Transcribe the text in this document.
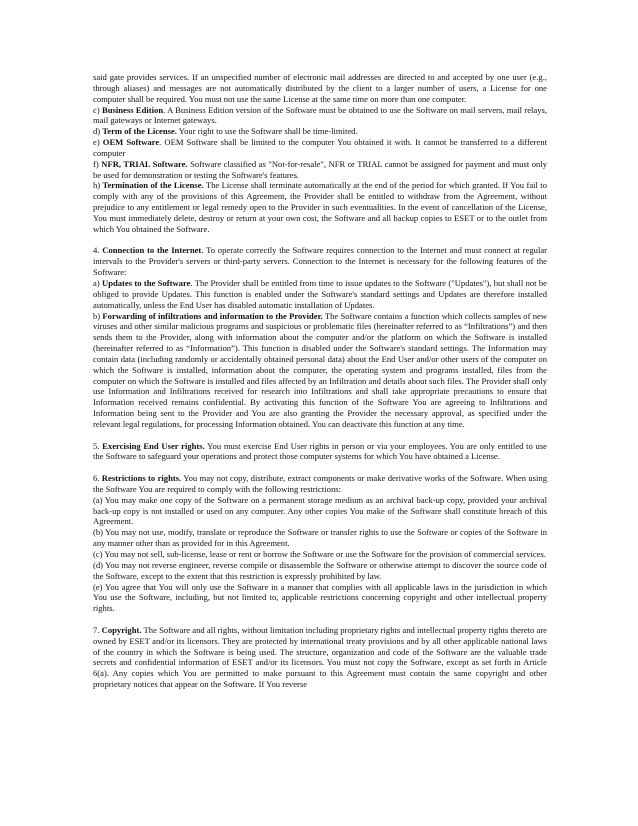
said gate provides services. If an unspecified number of electronic mail addresses are directed to and accepted by one user (e.g., through aliases) and messages are not automatically distributed by the client to a larger number of users, a License for one computer shall be required. You must not use the same License at the same time on more than one computer.

c) Business Edition. A Business Edition version of the Software must be obtained to use the Software on mail servers, mail relays, mail gateways or Internet gateways.

d) Term of the License. Your right to use the Software shall be time-limited.

e) OEM Software. OEM Software shall be limited to the computer You obtained it with. It cannot be transferred to a different computer

f) NFR, TRIAL Software. Software classified as "Not-for-resale", NFR or TRIAL cannot be assigned for payment and must only be used for demonstration or testing the Software's features.

h) Termination of the License. The License shall terminate automatically at the end of the period for which granted. If You fail to comply with any of the provisions of this Agreement, the Provider shall be entitled to withdraw from the Agreement, without prejudice to any entitlement or legal remedy open to the Provider in such eventualities. In the event of cancellation of the License, You must immediately delete, destroy or return at your own cost, the Software and all backup copies to ESET or to the outlet from which You obtained the Software.

4. Connection to the Internet. To operate correctly the Software requires connection to the Internet and must connect at regular intervals to the Provider's servers or third-party servers. Connection to the Internet is necessary for the following features of the Software:

a) Updates to the Software. The Provider shall be entitled from time to issue updates to the Software ("Updates"), but shall not be obliged to provide Updates. This function is enabled under the Software's standard settings and Updates are therefore installed automatically, unless the End User has disabled automatic installation of Updates.

b) Forwarding of infiltrations and information to the Provider. The Software contains a function which collects samples of new viruses and other similar malicious programs and suspicious or problematic files (hereinafter referred to as “Infiltrations”) and then sends them to the Provider, along with information about the computer and/or the platform on which the Software is installed (hereinafter referred to as “Information”). This function is disabled under the Software's standard settings. The Information may contain data (including randomly or accidentally obtained personal data) about the End User and/or other users of the computer on which the Software is installed, information about the computer, the operating system and programs installed, files from the computer on which the Software is installed and files affected by an Infiltration and details about such files. The Provider shall only use Information and Infiltrations received for research into Infiltrations and shall take appropriate precautions to ensure that Information received remains confidential. By activating this function of the Software You are agreeing to Infiltrations and Information being sent to the Provider and You are also granting the Provider the necessary approval, as specified under the relevant legal regulations, for processing Information obtained. You can deactivate this function at any time.

5. Exercising End User rights. You must exercise End User rights in person or via your employees. You are only entitled to use the Software to safeguard your operations and protect those computer systems for which You have obtained a License.

6. Restrictions to rights. You may not copy, distribute, extract components or make derivative works of the Software. When using the Software You are required to comply with the following restrictions:

(a) You may make one copy of the Software on a permanent storage medium as an archival back-up copy, provided your archival back-up copy is not installed or used on any computer. Any other copies You make of the Software shall constitute breach of this Agreement.

(b) You may not use, modify, translate or reproduce the Software or transfer rights to use the Software or copies of the Software in any manner other than as provided for in this Agreement.

(c) You may not sell, sub-license, lease or rent or borrow the Software or use the Software for the provision of commercial services.

(d) You may not reverse engineer, reverse compile or disassemble the Software or otherwise attempt to discover the source code of the Software, except to the extent that this restriction is expressly prohibited by law.

(e) You agree that You will only use the Software in a manner that complies with all applicable laws in the jurisdiction in which You use the Software, including, but not limited to, applicable restrictions concerning copyright and other intellectual property rights.

7. Copyright. The Software and all rights, without limitation including proprietary rights and intellectual property rights thereto are owned by ESET and/or its licensors. They are protected by international treaty provisions and by all other applicable national laws of the country in which the Software is being used. The structure, organization and code of the Software are the valuable trade secrets and confidential information of ESET and/or its licensors. You must not copy the Software, except as set forth in Article 6(a). Any copies which You are permitted to make pursuant to this Agreement must contain the same copyright and other proprietary notices that appear on the Software. If You reverse
